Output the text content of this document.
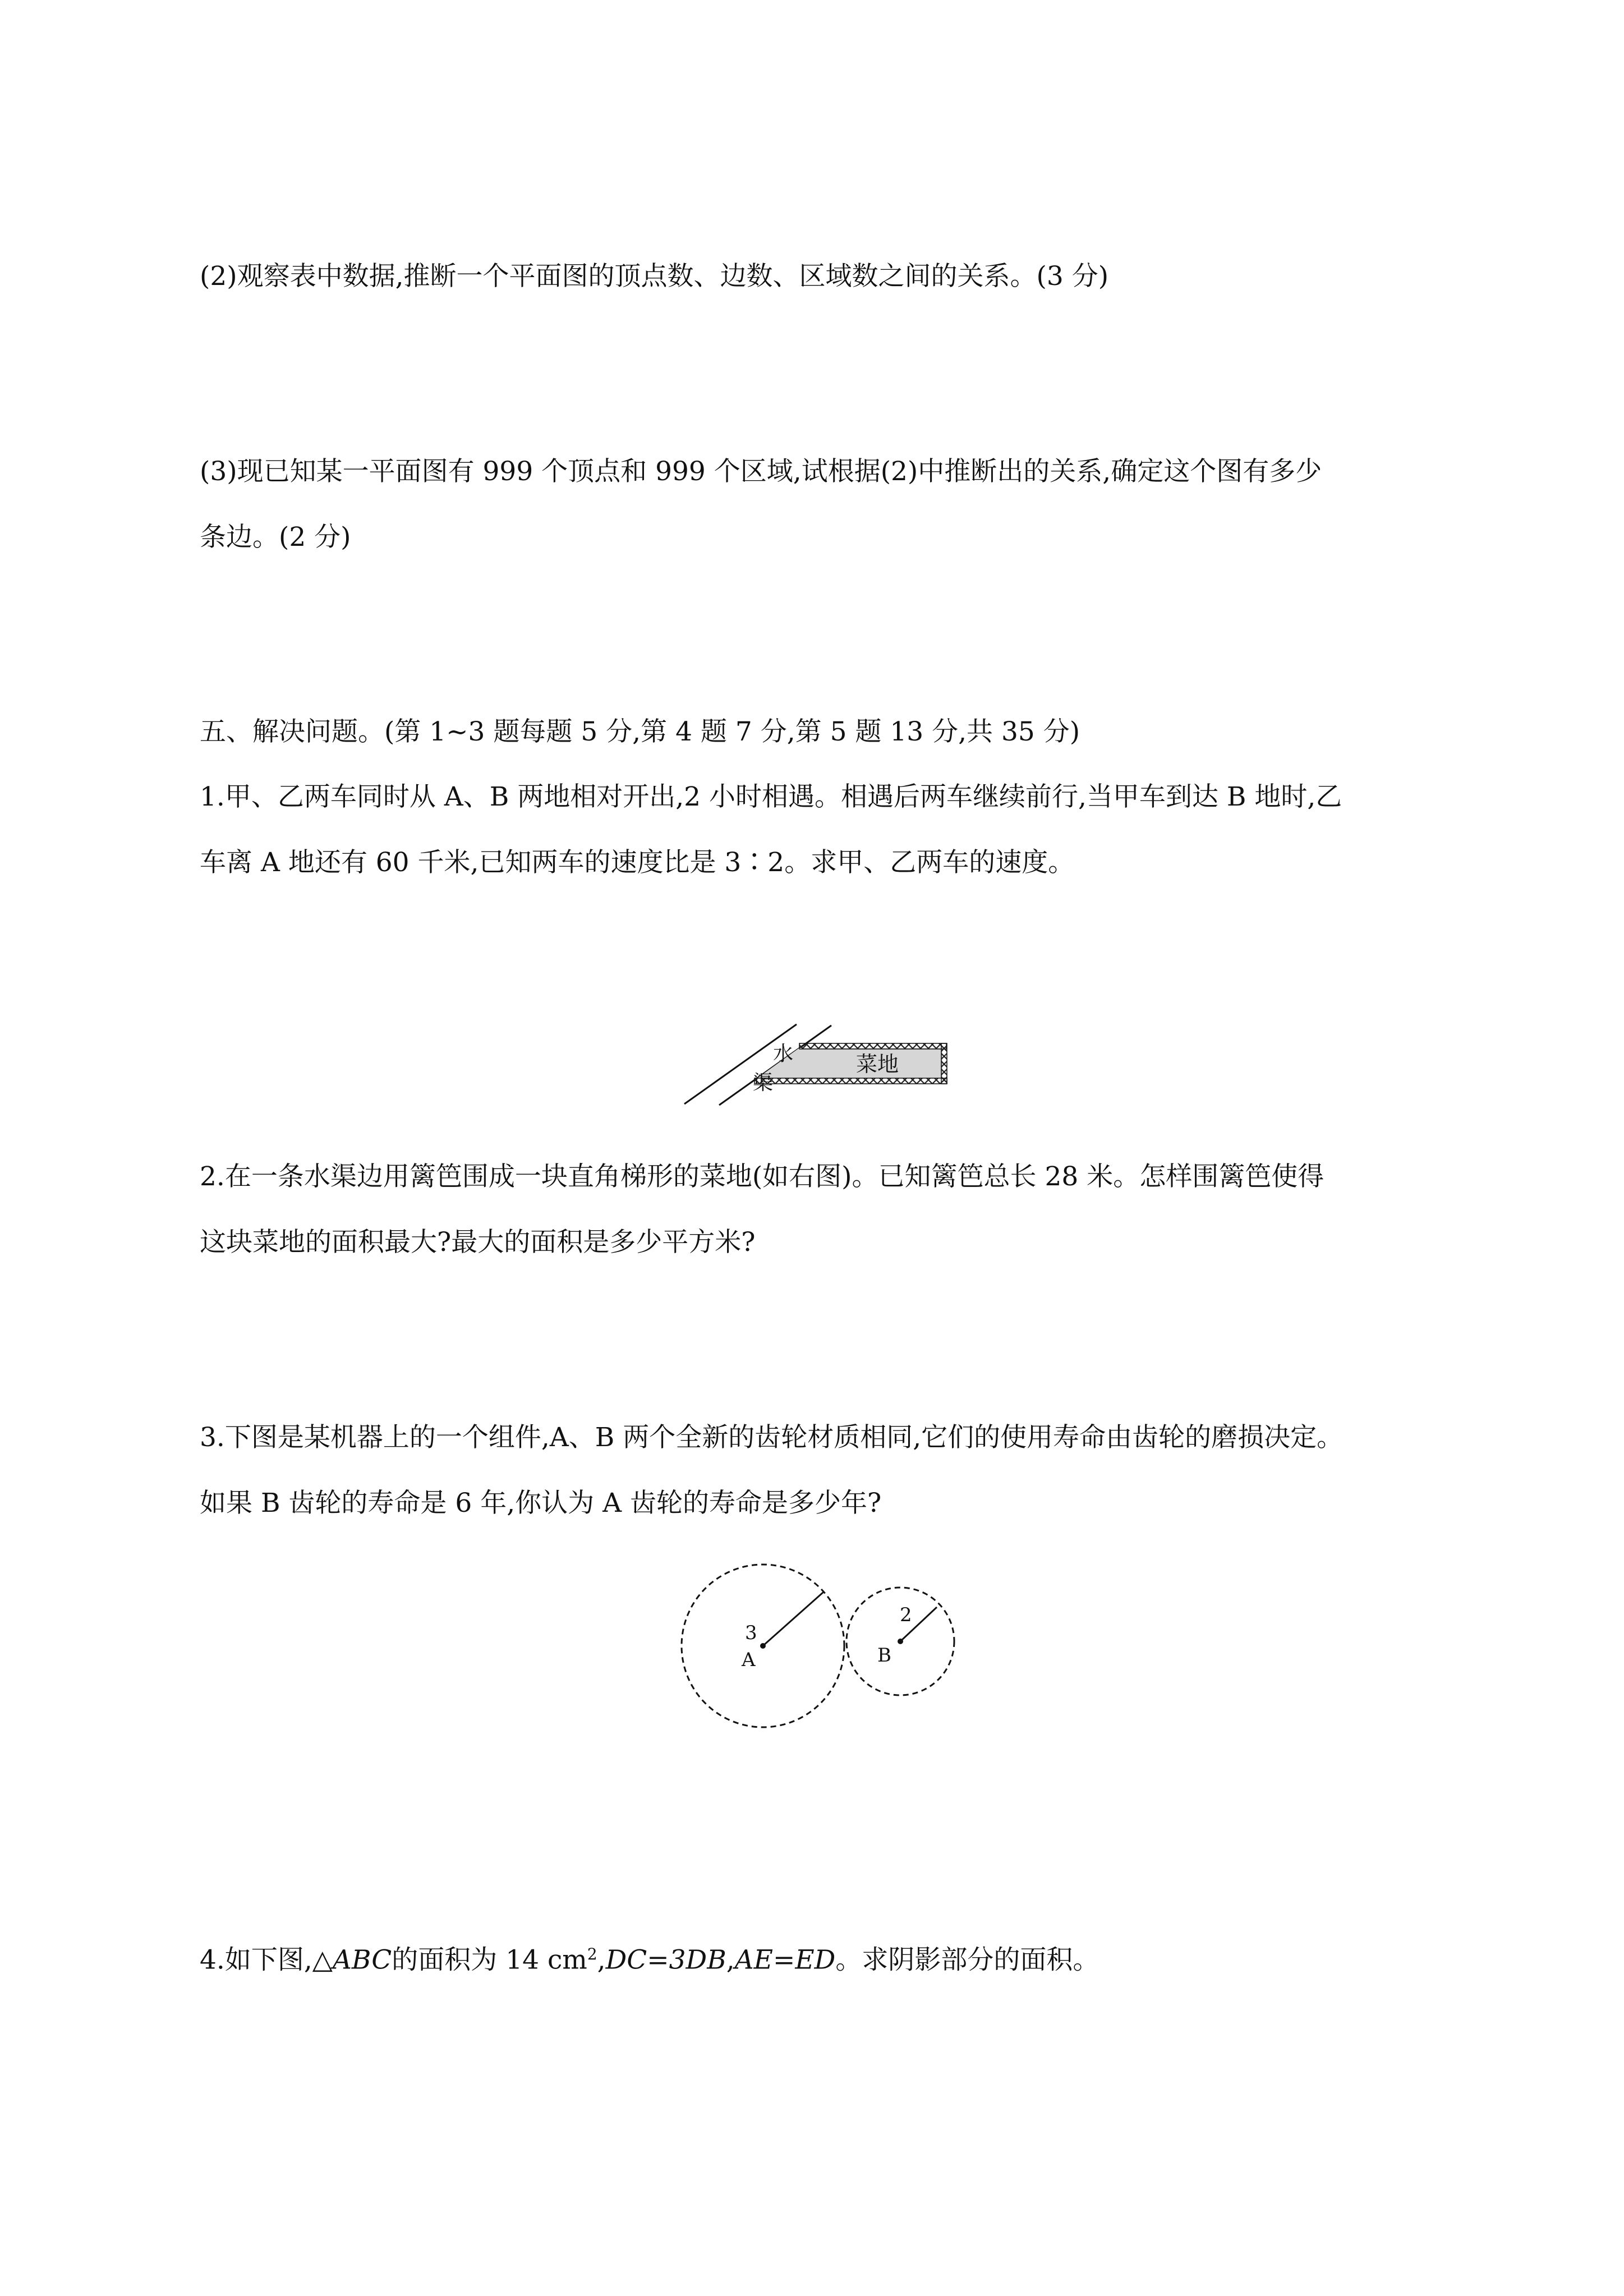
(2)观察表中数据,推断一个平面图的顶点数、边数、区域数之间的关系。(3 分)
(3)现已知某一平面图有 999 个顶点和 999 个区域,试根据(2)中推断出的关系,确定这个图有多少
条边。(2 分)
五、解决问题。(第 1~3 题每题 5 分,第 4 题 7 分,第 5 题 13 分,共 35 分)
1.甲、乙两车同时从 A、B 两地相对开出,2 小时相遇。相遇后两车继续前行,当甲车到达 B 地时,乙
车离 A 地还有 60 千米,已知两车的速度比是 3∶2。求甲、乙两车的速度。
水
渠
菜地
2.在一条水渠边用篱笆围成一块直角梯形的菜地(如右图)。已知篱笆总长 28 米。怎样围篱笆使得
这块菜地的面积最大?最大的面积是多少平方米?
3.下图是某机器上的一个组件,A、B 两个全新的齿轮材质相同,它们的使用寿命由齿轮的磨损决定。
如果 B 齿轮的寿命是 6 年,你认为 A 齿轮的寿命是多少年?
3
A
2
B
4.如下图,△ABC的面积为 14 $cm^2,DC=3DB,AE=ED$。求阴影部分的面积。
